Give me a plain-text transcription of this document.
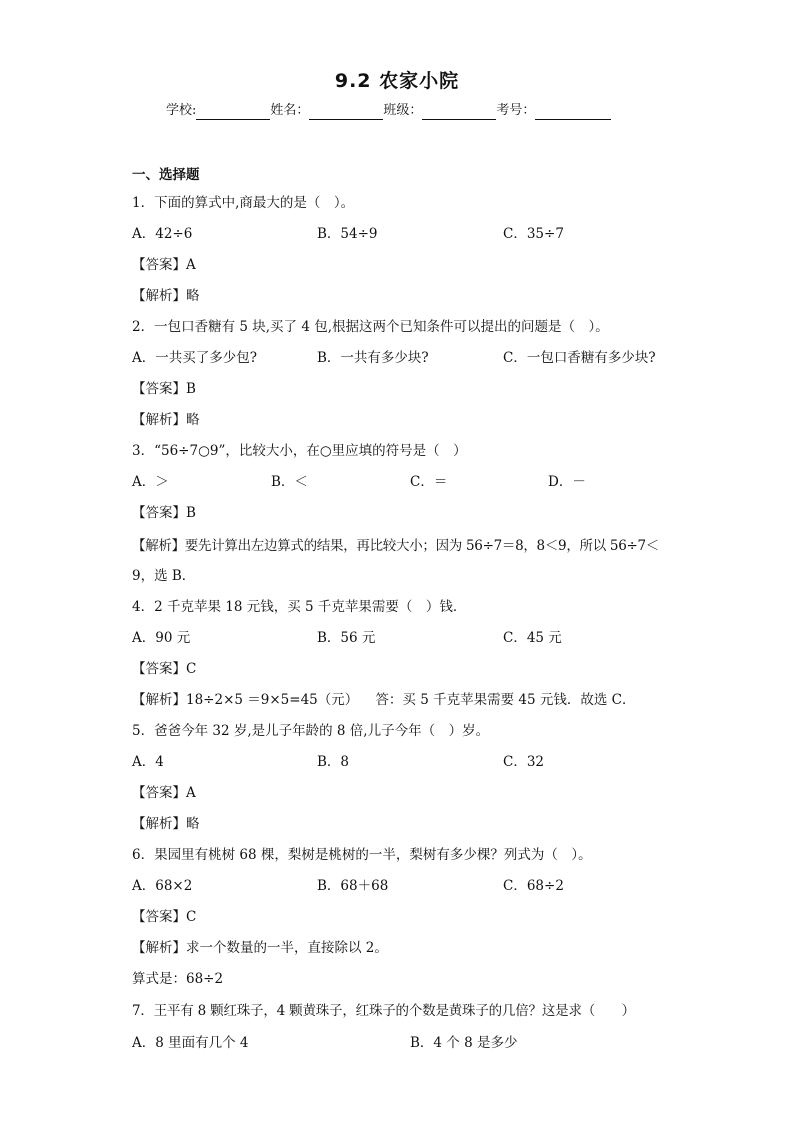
9.2 农家小院
学校:	姓名：	班级：	考号：
一、选择题
1．下面的算式中,商最大的是（　）。
A．42÷6	B．54÷9	C．35÷7
【答案】A
【解析】略
2．一包口香糖有 5 块,买了 4 包,根据这两个已知条件可以提出的问题是（　）。
A．一共买了多少包?	B．一共有多少块?	C．一包口香糖有多少块?
【答案】B
【解析】略
3．“56÷7○9”，比较大小，在○里应填的符号是（　）
A．＞	B．＜	C．＝	D．－
【答案】B
【解析】要先计算出左边算式的结果，再比较大小；因为 56÷7＝8，8＜9，所以 56÷7＜
9，选 B．
4．2 千克苹果 18 元钱，买 5 千克苹果需要（　）钱．
A．90 元	B．56 元	C．45 元
【答案】C
【解析】18÷2×5 ＝9×5=45（元）    答：买 5 千克苹果需要 45 元钱．故选 C．
5．爸爸今年 32 岁,是儿子年龄的 8 倍,儿子今年（　）岁。
A．4	B．8	C．32
【答案】A
【解析】略
6．果园里有桃树 68 棵，梨树是桃树的一半，梨树有多少棵？列式为（　）。
A．68×2	B．68＋68	C．68÷2
【答案】C
【解析】求一个数量的一半，直接除以 2。
算式是：68÷2
7．王平有 8 颗红珠子，4 颗黄珠子，红珠子的个数是黄珠子的几倍？这是求（　　）
A．8 里面有几个 4	B．4 个 8 是多少
